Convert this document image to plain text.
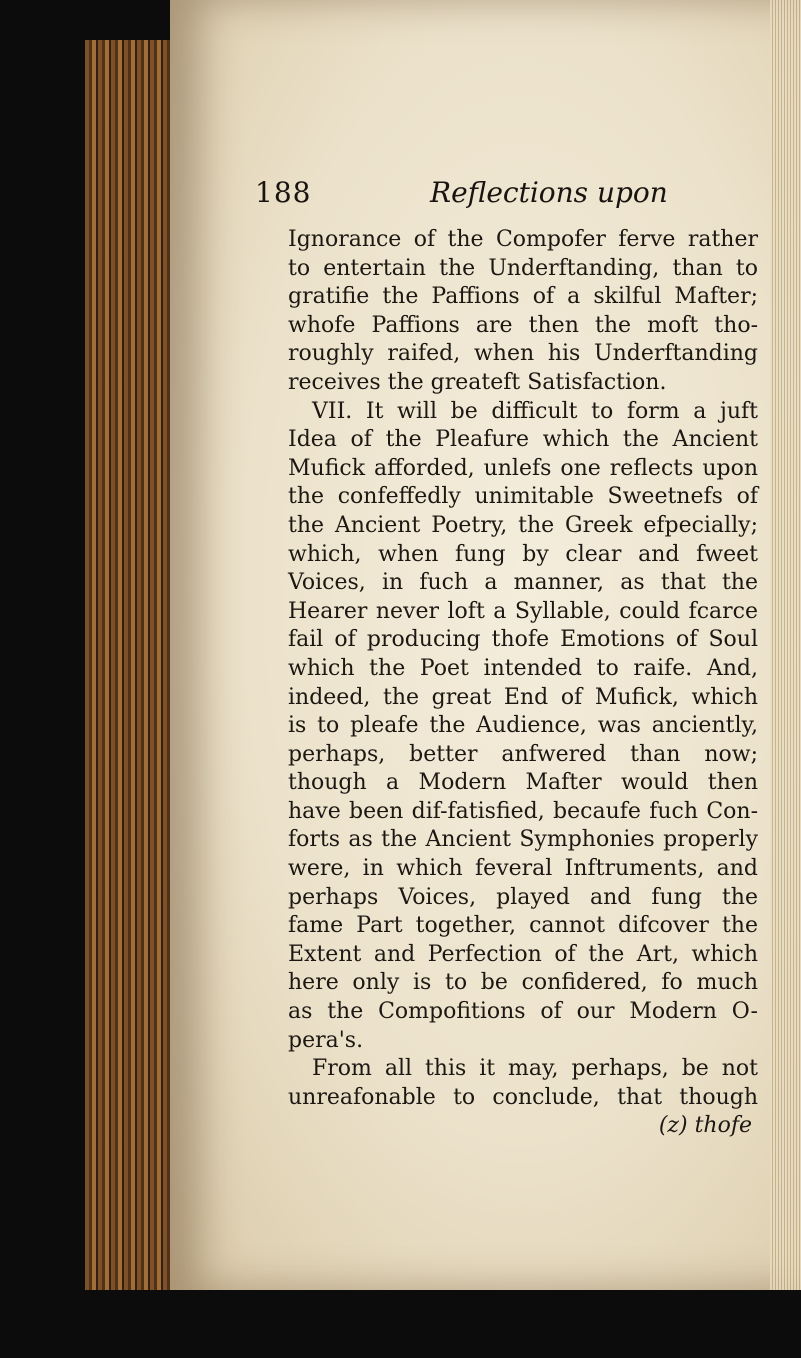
188	Reflections upon
Ignorance of the Compofer ferve rather
to entertain the Underftanding, than to
gratifie the Paffions of a skilful Mafter;
whofe Paffions are then the moft tho-
roughly raifed, when his Underftanding
receives the greateft Satisfaction.
VII. It will be difficult to form a juft
Idea of the Pleafure which the Ancient
Mufick afforded, unlefs one reflects upon
the confeffedly unimitable Sweetnefs of
the Ancient Poetry, the Greek efpecially;
which, when fung by clear and fweet
Voices, in fuch a manner, as that the
Hearer never loft a Syllable, could fcarce
fail of producing thofe Emotions of Soul
which the Poet intended to raife. And,
indeed, the great End of Mufick, which
is to pleafe the Audience, was anciently,
perhaps, better anfwered than now;
though a Modern Mafter would then
have been dif-fatisfied, becaufe fuch Con-
forts as the Ancient Symphonies properly
were, in which feveral Inftruments, and
perhaps Voices, played and fung the
fame Part together, cannot difcover the
Extent and Perfection of the Art, which
here only is to be confidered, fo much
as the Compofitions of our Modern O-
pera's.
From all this it may, perhaps, be not
unreafonable to conclude, that though
(z) thofe
